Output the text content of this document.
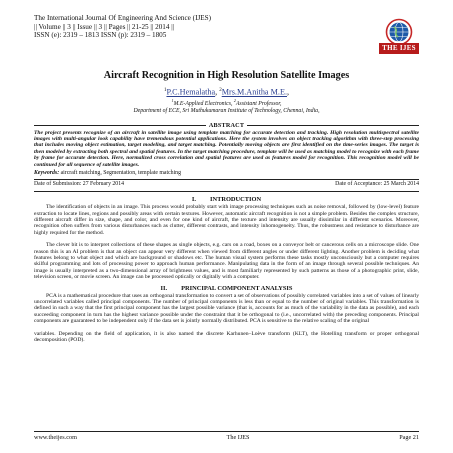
The International Journal Of Engineering And Science (IJES)
|| Volume || 3 || Issue || 3 || Pages || 21-25 || 2014 ||
ISSN (e): 2319 – 1813 ISSN (p): 2319 – 1805
THE IJES
Aircraft Recognition in High Resolution Satellite Images
$^1$P.C.Hemalatha, $^2$Mrs.M.Anitha M.E.,
$^1$M.E-Applied Electronics, $^2$Assistant Professor,
Department of ECE, Sri Muthukumaran Institute of Technology, Chennai, India,
ABSTRACT
The project presents recognize of an aircraft in satellite image using template matching for accurate detection and tracking. High resolution multispectral satellite images with multi-angular look capability have tremendous potential applications. Here the system involves an object tracking algorithm with three-step processing that includes moving object estimation, target modeling, and target matching. Potentially moving objects are first identified on the time-series images. The target is then modeled by extracting both spectral and spatial features. In the target matching procedure, template will be used as matching model to recognize with each frame by frame for accurate detection. Here, normalized cross correlation and spatial features are used as features model for recognition. This recognition model will be continued for all sequence of satellite images.
Keywords: aircraft matching, Segmentation, template matching
Date of Submission: 27 February 2014	Date of Acceptance: 25 March 2014
I. INTRODUCTION

The identification of objects in an image. This process would probably start with image processing techniques such as noise removal, followed by (low-level) feature extraction to locate lines, regions and possibly areas with certain textures. However, automatic aircraft recognition is not a simple problem. Besides the complex structure, different aircraft differ in size, shape, and color, and even for one kind of aircraft, the texture and intensity are usually dissimilar in different scenarios. Moreover, recognition often suffers from various disturbances such as clutter, different contrasts, and intensity inhomogeneity. Thus, the robustness and resistance to disturbance are highly required for the method.

The clever bit is to interpret collections of these shapes as single objects, e.g. cars on a road, boxes on a conveyor belt or cancerous cells on a microscope slide. One reason this is an AI problem is that an object can appear very different when viewed from different angles or under different lighting. Another problem is deciding what features belong to what object and which are background or shadows etc. The human visual system performs these tasks mostly unconsciously but a computer requires skilful programming and lots of processing power to approach human performance. Manipulating data in the form of an image through several possible techniques. An image is usually interpreted as a two-dimensional array of brightness values, and is most familiarly represented by such patterns as those of a photographic print, slide, television screen, or movie screen. An image can be processed optically or digitally with a computer.

II. PRINCIPAL COMPONENT ANALYSIS

PCA is a mathematical procedure that uses an orthogonal transformation to convert a set of observations of possibly correlated variables into a set of values of linearly uncorrelated variables called principal components. The number of principal components is less than or equal to the number of original variables. This transformation is defined in such a way that the first principal component has the largest possible variance (that is, accounts for as much of the variability in the data as possible), and each succeeding component in turn has the highest variance possible under the constraint that it be orthogonal to (i.e., uncorrelated with) the preceding components. Principal components are guaranteed to be independent only if the data set is jointly normally distributed. PCA is sensitive to the relative scaling of the original

variables. Depending on the field of application, it is also named the discrete Karhunen–Loève transform (KLT), the Hotelling transform or proper orthogonal decomposition (POD).

www.theijes.com	The IJES	Page 21
